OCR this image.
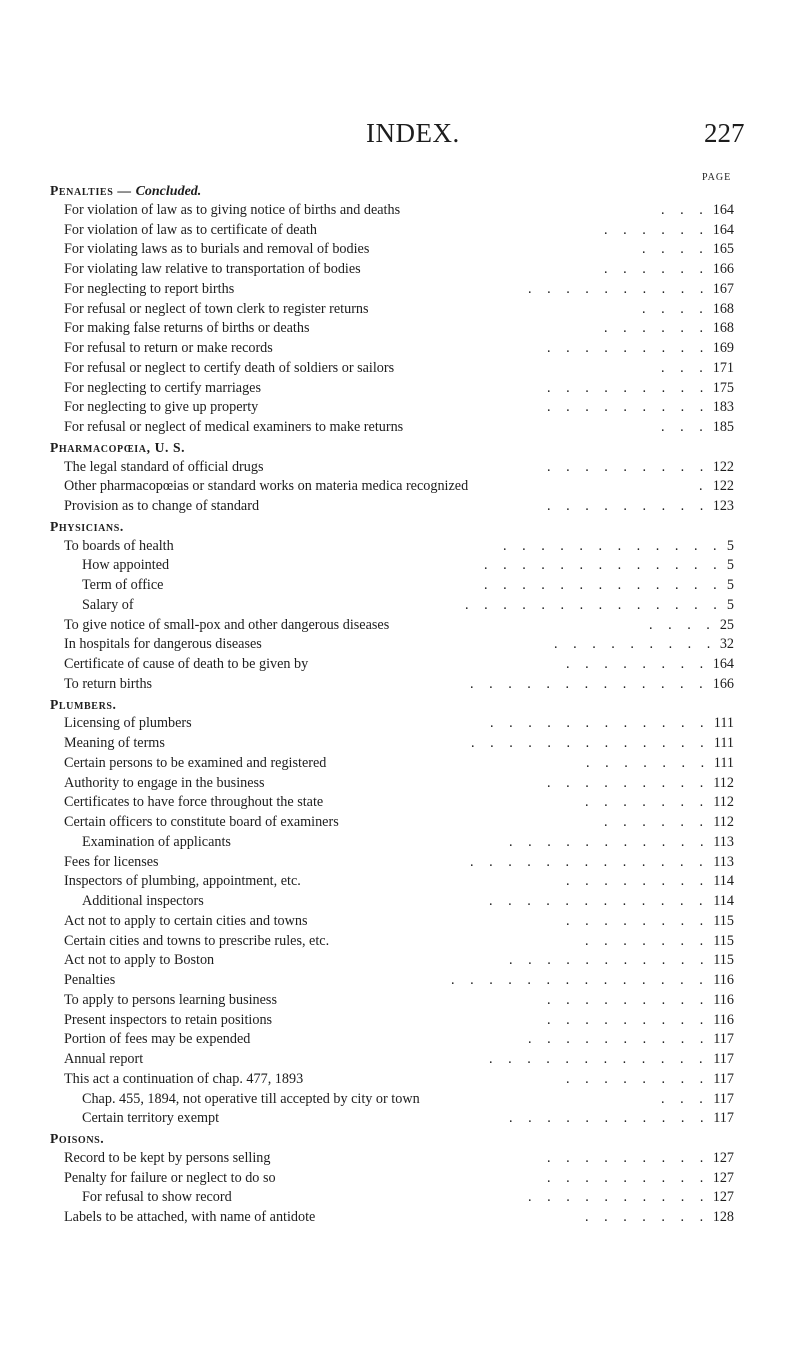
INDEX.	227
PAGE
Penalties — Concluded.
For violation of law as to giving notice of births and deaths	. . . 164
For violation of law as to certificate of death	. . . . . . 164
For violating laws as to burials and removal of bodies	. . . . 165
For violating law relative to transportation of bodies	. . . . . . 166
For neglecting to report births	. . . . . . . . . . 167
For refusal or neglect of town clerk to register returns	. . . . 168
For making false returns of births or deaths	. . . . . . 168
For refusal to return or make records	. . . . . . . . . 169
For refusal or neglect to certify death of soldiers or sailors	. . . 171
For neglecting to certify marriages	. . . . . . . . . 175
For neglecting to give up property	. . . . . . . . . 183
For refusal or neglect of medical examiners to make returns	. . . 185
Pharmacopœia, U. S.
The legal standard of official drugs	. . . . . . . . . 122
Other pharmacopœias or standard works on materia medica recognized	. 122
Provision as to change of standard	. . . . . . . . . 123
Physicians.
To boards of health	. . . . . . . . . . . . 5
How appointed	. . . . . . . . . . . . . 5
Term of office	. . . . . . . . . . . . . 5
Salary of	. . . . . . . . . . . . . . 5
To give notice of small-pox and other dangerous diseases	. . . . 25
In hospitals for dangerous diseases	. . . . . . . . . 32
Certificate of cause of death to be given by	. . . . . . . . 164
To return births	. . . . . . . . . . . . . 166
Plumbers.
Licensing of plumbers	. . . . . . . . . . . . 111
Meaning of terms	. . . . . . . . . . . . . 111
Certain persons to be examined and registered	. . . . . . . 111
Authority to engage in the business	. . . . . . . . . 112
Certificates to have force throughout the state	. . . . . . . 112
Certain officers to constitute board of examiners	. . . . . . 112
Examination of applicants	. . . . . . . . . . . 113
Fees for licenses	. . . . . . . . . . . . . 113
Inspectors of plumbing, appointment, etc.	. . . . . . . . 114
Additional inspectors	. . . . . . . . . . . . 114
Act not to apply to certain cities and towns	. . . . . . . . 115
Certain cities and towns to prescribe rules, etc.	. . . . . . . 115
Act not to apply to Boston	. . . . . . . . . . . 115
Penalties	. . . . . . . . . . . . . . 116
To apply to persons learning business	. . . . . . . . . 116
Present inspectors to retain positions	. . . . . . . . . 116
Portion of fees may be expended	. . . . . . . . . . 117
Annual report	. . . . . . . . . . . . 117
This act a continuation of chap. 477, 1893	. . . . . . . . 117
Chap. 455, 1894, not operative till accepted by city or town	. . . 117
Certain territory exempt	. . . . . . . . . . . 117
Poisons.
Record to be kept by persons selling	. . . . . . . . . 127
Penalty for failure or neglect to do so	. . . . . . . . . 127
For refusal to show record	. . . . . . . . . . 127
Labels to be attached, with name of antidote	. . . . . . . 128
